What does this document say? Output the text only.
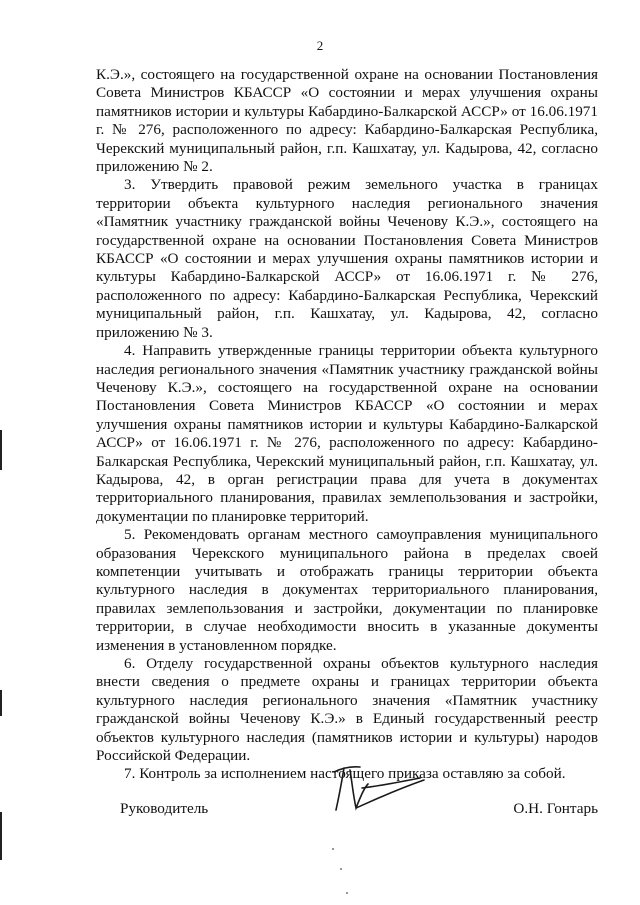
2

К.Э.», состоящего на государственной охране на основании Постановления Совета Министров КБАССР «О состоянии и мерах улучшения охраны памятников истории и культуры Кабардино-Балкарской АССР» от 16.06.1971 г. № 276, расположенного по адресу: Кабардино-Балкарская Республика, Черекский муниципальный район, г.п. Кашхатау, ул. Кадырова, 42, согласно приложению № 2.

3. Утвердить правовой режим земельного участка в границах территории объекта культурного наследия регионального значения «Памятник участнику гражданской войны Чеченову К.Э.», состоящего на государственной охране на основании Постановления Совета Министров КБАССР «О состоянии и мерах улучшения охраны памятников истории и культуры Кабардино-Балкарской АССР» от 16.06.1971 г. № 276, расположенного по адресу: Кабардино-Балкарская Республика, Черекский муниципальный район, г.п. Кашхатау, ул. Кадырова, 42, согласно приложению № 3.

4. Направить утвержденные границы территории объекта культурного наследия регионального значения «Памятник участнику гражданской войны Чеченову К.Э.», состоящего на государственной охране на основании Постановления Совета Министров КБАССР «О состоянии и мерах улучшения охраны памятников истории и культуры Кабардино-Балкарской АССР» от 16.06.1971 г. № 276, расположенного по адресу: Кабардино-Балкарская Республика, Черекский муниципальный район, г.п. Кашхатау, ул. Кадырова, 42, в орган регистрации права для учета в документах территориального планирования, правилах землепользования и застройки, документации по планировке территорий.

5. Рекомендовать органам местного самоуправления муниципального образования Черекского муниципального района в пределах своей компетенции учитывать и отображать границы территории объекта культурного наследия в документах территориального планирования, правилах землепользования и застройки, документации по планировке территории, в случае необходимости вносить в указанные документы изменения в установленном порядке.

6. Отделу государственной охраны объектов культурного наследия внести сведения о предмете охраны и границах территории объекта культурного наследия регионального значения «Памятник участнику гражданской войны Чеченову К.Э.» в Единый государственный реестр объектов культурного наследия (памятников истории и культуры) народов Российской Федерации.

7. Контроль за исполнением настоящего приказа оставляю за собой.

Руководитель	О.Н. Гонтарь
